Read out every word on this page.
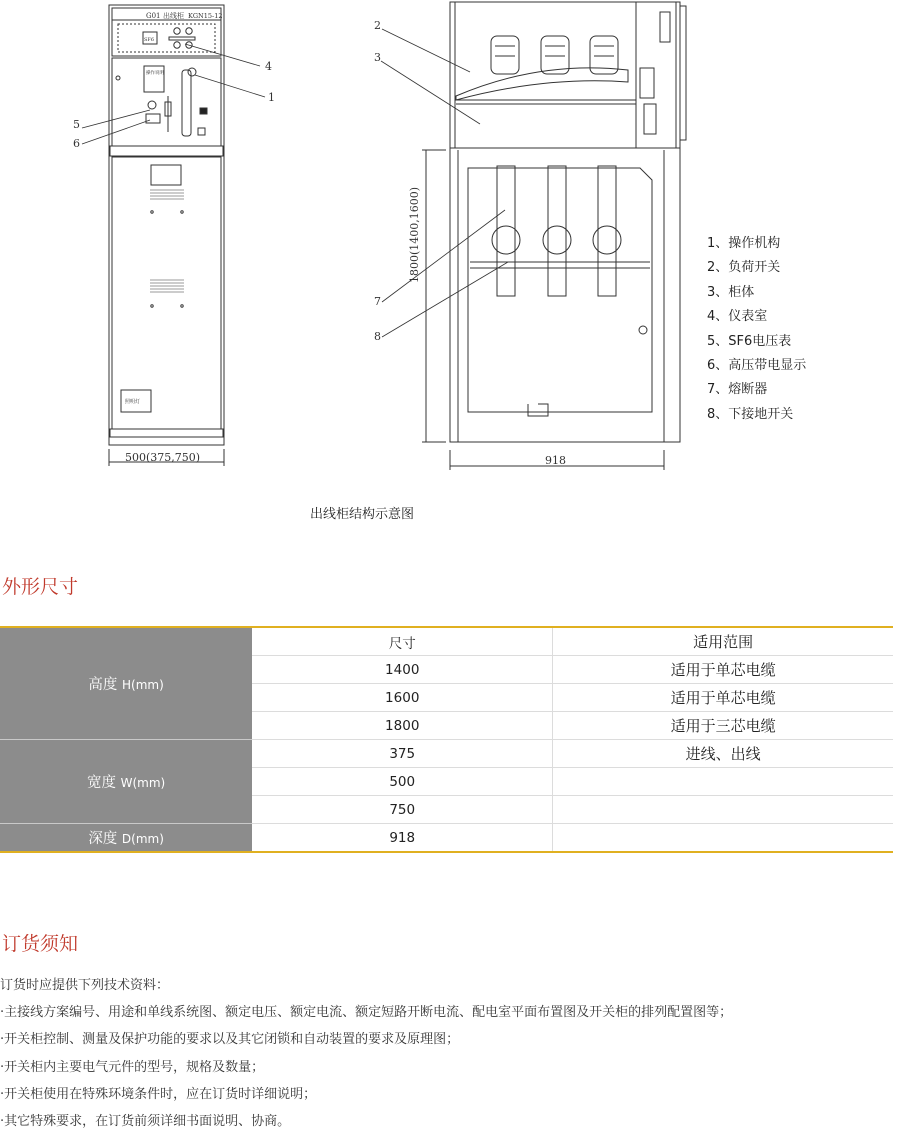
G01 出线柜 KGN15-12
SF6
操作说明
照明灯
500(375,750)
1800(1400,1600)
918
2
3
4
1
5
6
7
8
1、操作机构
2、负荷开关
3、柜体
4、仪表室
5、SF6电压表
6、高压带电显示
7、熔断器
8、下接地开关
出线柜结构示意图
外形尺寸
高度 H(mm)	尺寸	适用范围
	1400	适用于单芯电缆
	1600	适用于单芯电缆
	1800	适用于三芯电缆
宽度 W(mm)	375	进线、出线
	500	
	750	
深度 D(mm)	918	
订货须知
订货时应提供下列技术资料：
·主接线方案编号、用途和单线系统图、额定电压、额定电流、额定短路开断电流、配电室平面布置图及开关柜的排列配置图等；
·开关柜控制、测量及保护功能的要求以及其它闭锁和自动装置的要求及原理图；
·开关柜内主要电气元件的型号，规格及数量；
·开关柜使用在特殊环境条件时，应在订货时详细说明；
·其它特殊要求，在订货前须详细书面说明、协商。
